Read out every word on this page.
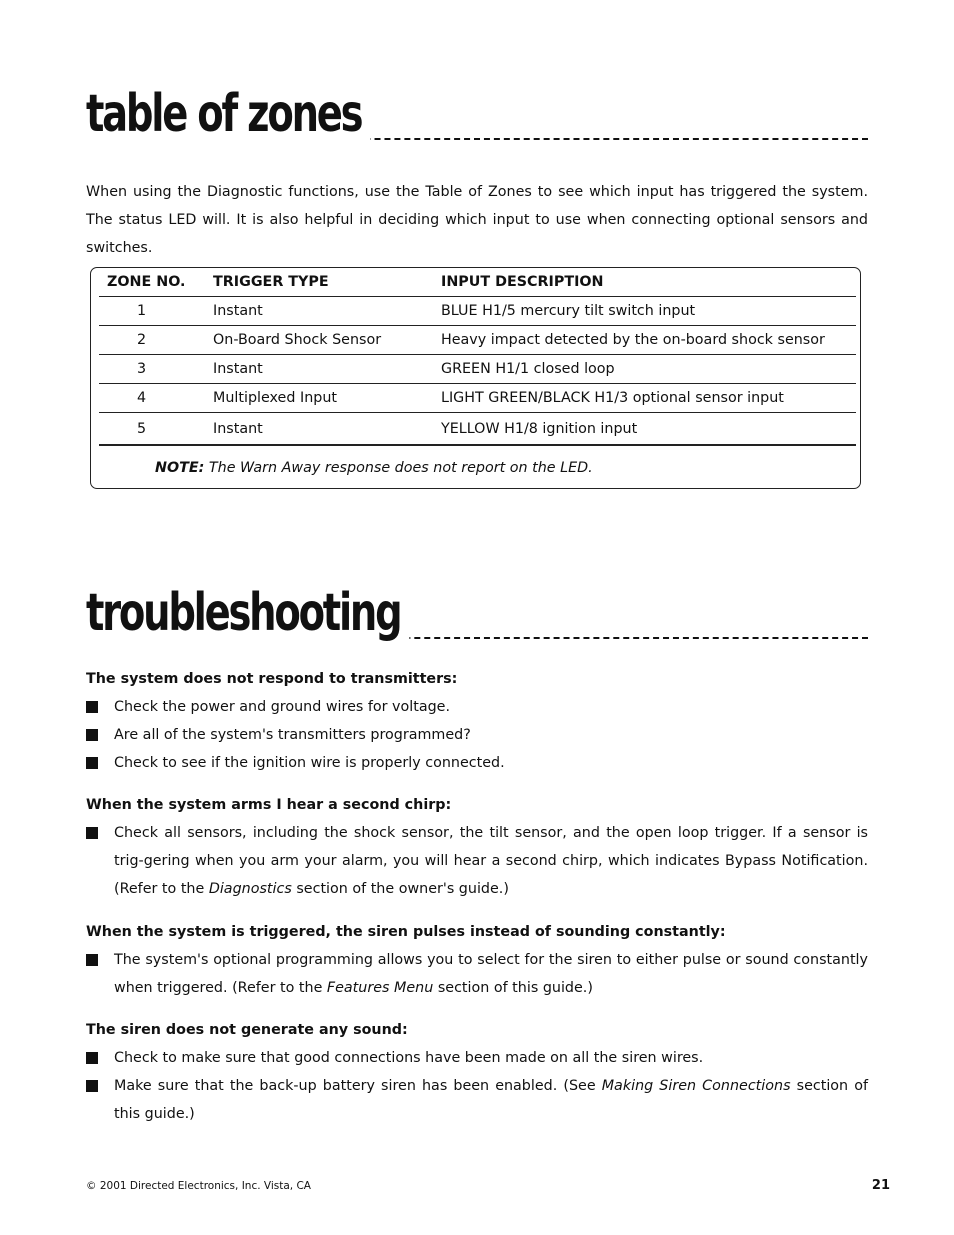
table of zones

When using the Diagnostic functions, use the Table of Zones to see which input has triggered the system. The status LED will. It is also helpful in deciding which input to use when connecting optional sensors and switches.

ZONE NO.	TRIGGER TYPE	INPUT DESCRIPTION
1	Instant	BLUE H1/5 mercury tilt switch input
2	On-Board Shock Sensor	Heavy impact detected by the on-board shock sensor
3	Instant	GREEN H1/1 closed loop
4	Multiplexed Input	LIGHT GREEN/BLACK H1/3 optional sensor input
5	Instant	YELLOW H1/8 ignition input
NOTE: The Warn Away response does not report on the LED.
troubleshooting

The system does not respond to transmitters:

Check the power and ground wires for voltage.

Are all of the system's transmitters programmed?

Check to see if the ignition wire is properly connected.

When the system arms I hear a second chirp:

Check all sensors, including the shock sensor, the tilt sensor, and the open loop trigger. If a sensor is trig-gering when you arm your alarm, you will hear a second chirp, which indicates Bypass Notification. (Refer to the Diagnostics section of the owner's guide.)

When the system is triggered, the siren pulses instead of sounding constantly:

The system's optional programming allows you to select for the siren to either pulse or sound constantly when triggered. (Refer to the Features Menu section of this guide.)

The siren does not generate any sound:

Check to make sure that good connections have been made on all the siren wires.

Make sure that the back-up battery siren has been enabled. (See Making Siren Connections section of this guide.)

© 2001 Directed Electronics, Inc. Vista, CA	21
